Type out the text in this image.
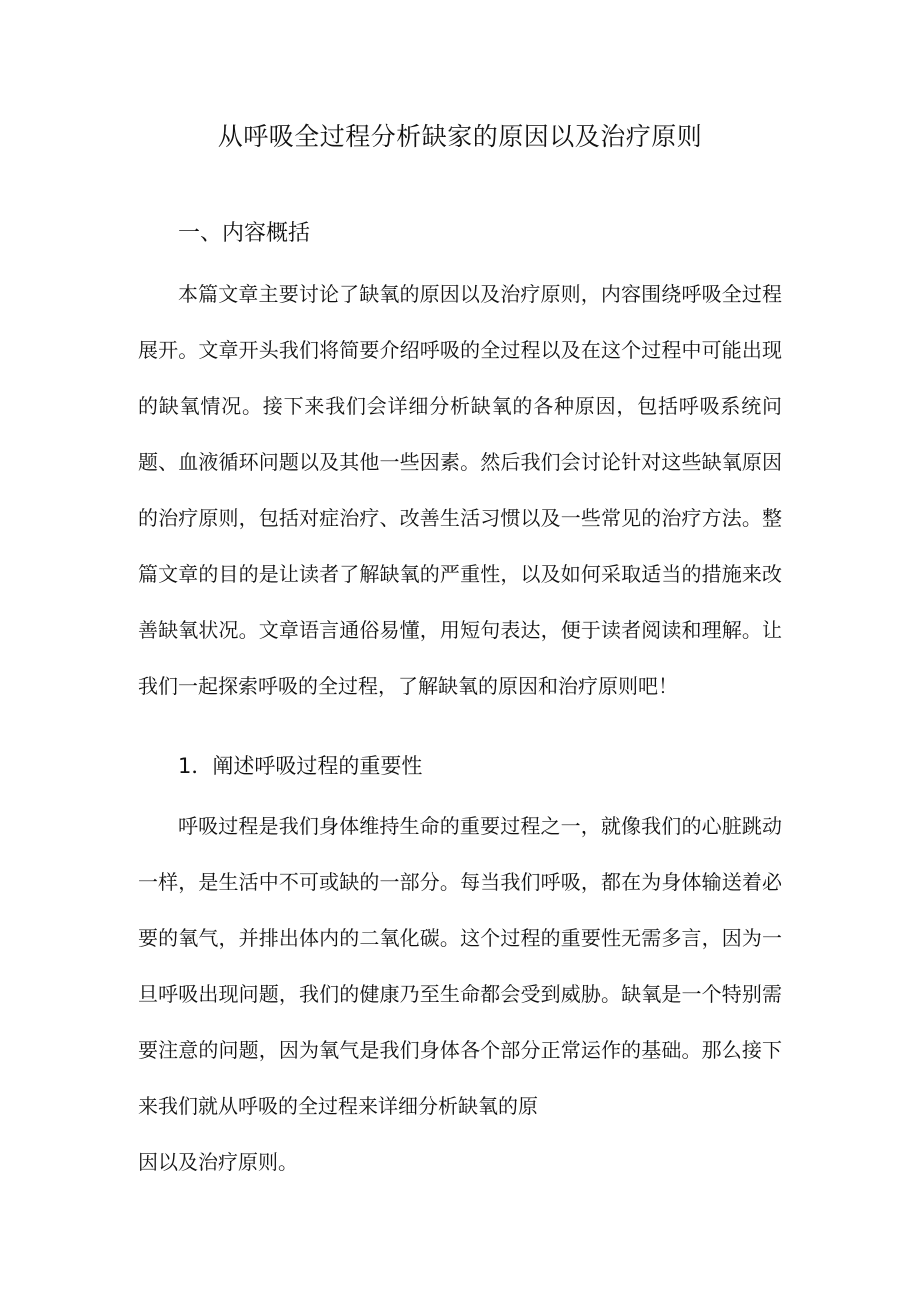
从呼吸全过程分析缺家的原因以及治疗原则
一、内容概括

本篇文章主要讨论了缺氧的原因以及治疗原则，内容围绕呼吸全过程展开。文章开头我们将简要介绍呼吸的全过程以及在这个过程中可能出现的缺氧情况。接下来我们会详细分析缺氧的各种原因，包括呼吸系统问题、血液循环问题以及其他一些因素。然后我们会讨论针对这些缺氧原因的治疗原则，包括对症治疗、改善生活习惯以及一些常见的治疗方法。整篇文章的目的是让读者了解缺氧的严重性，以及如何采取适当的措施来改善缺氧状况。文章语言通俗易懂，用短句表达，便于读者阅读和理解。让我们一起探索呼吸的全过程，了解缺氧的原因和治疗原则吧！

1．阐述呼吸过程的重要性

呼吸过程是我们身体维持生命的重要过程之一，就像我们的心脏跳动一样，是生活中不可或缺的一部分。每当我们呼吸，都在为身体输送着必要的氧气，并排出体内的二氧化碳。这个过程的重要性无需多言，因为一旦呼吸出现问题，我们的健康乃至生命都会受到威胁。缺氧是一个特别需要注意的问题，因为氧气是我们身体各个部分正常运作的基础。那么接下来我们就从呼吸的全过程来详细分析缺氧的原

因以及治疗原则。
